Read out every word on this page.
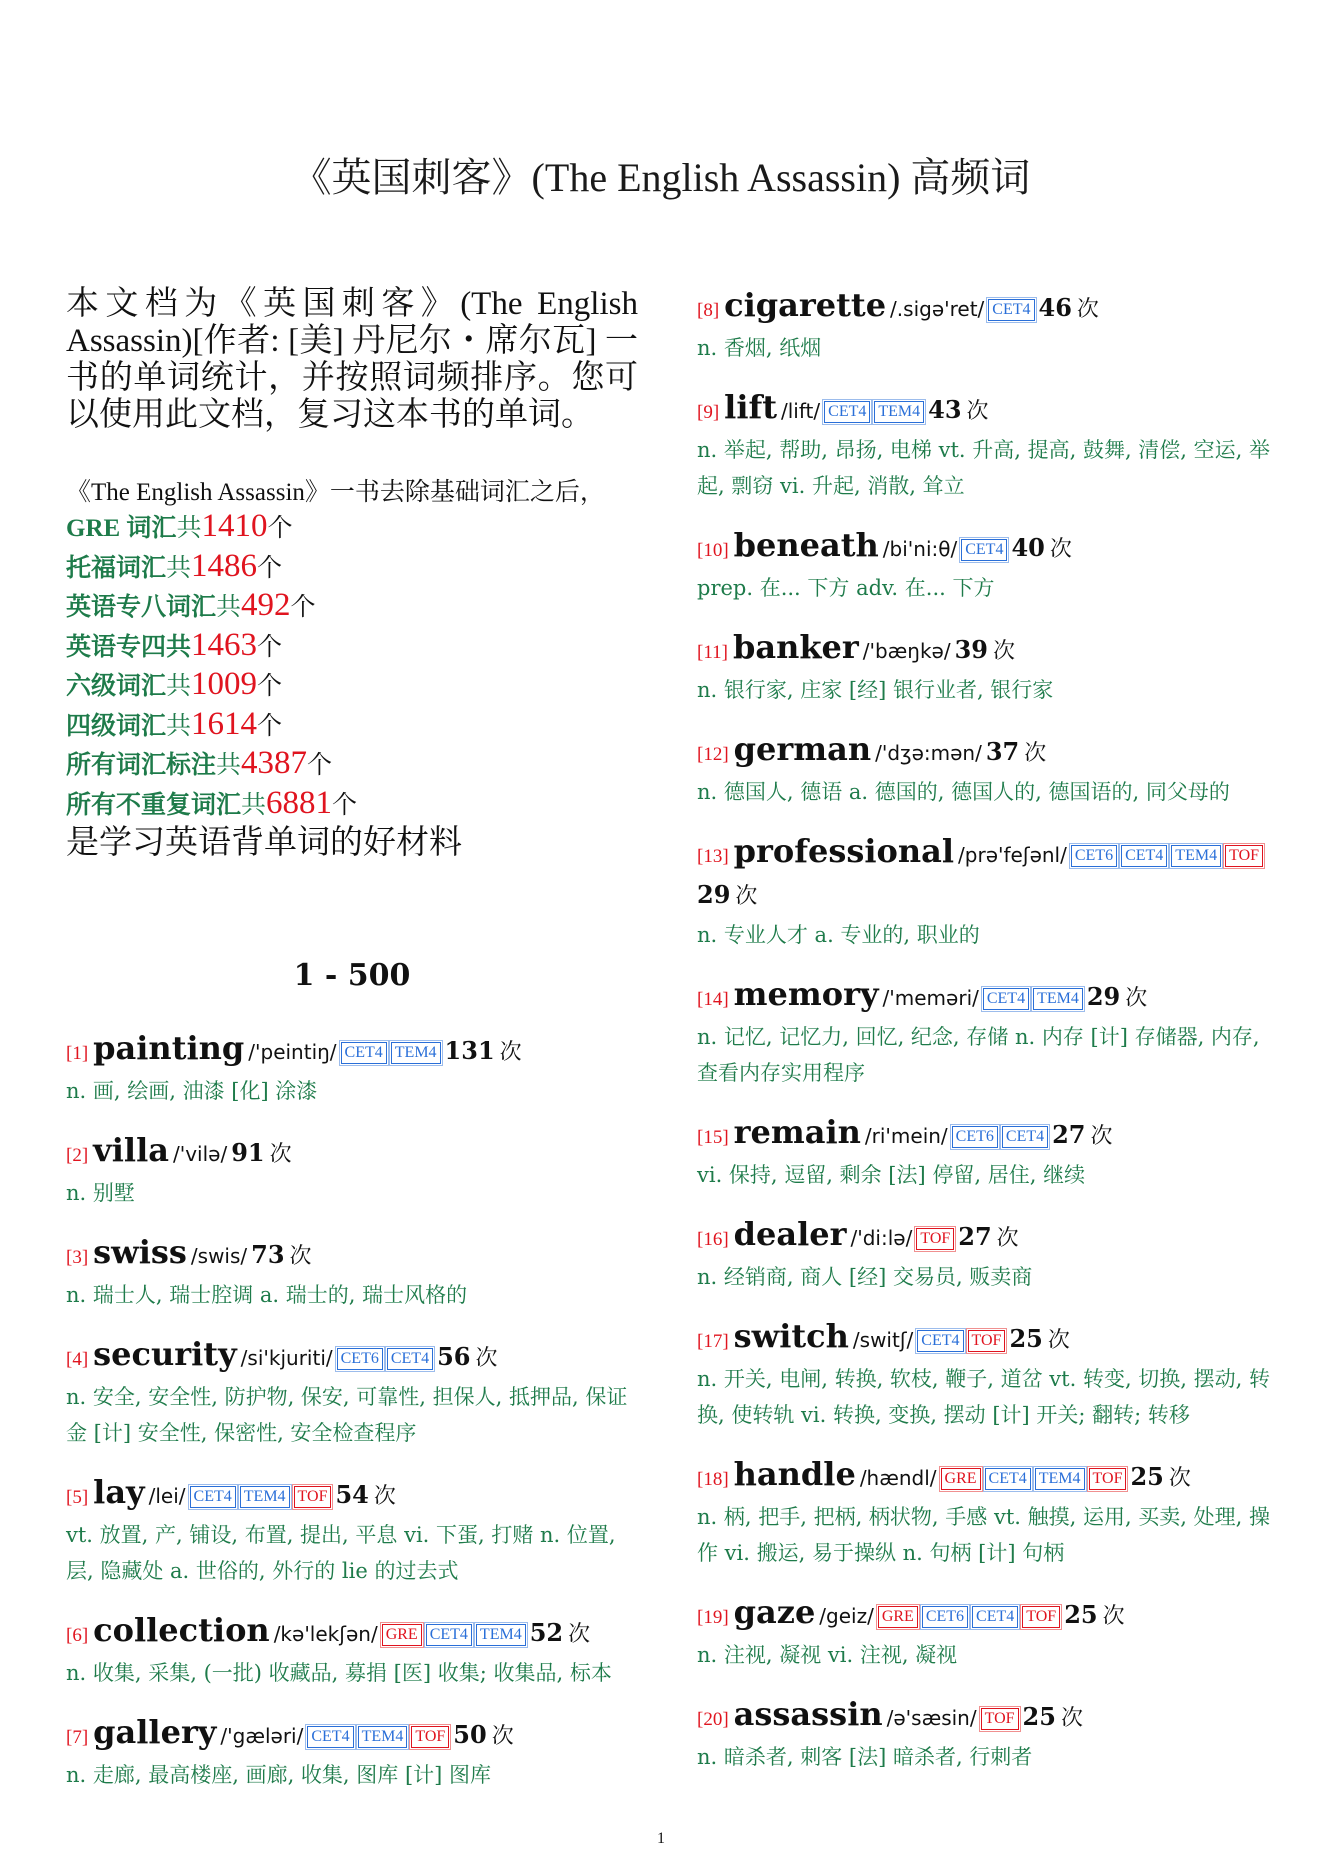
《英国刺客》(The English Assassin) 高频词
本文档为《英国刺客》(The English Assassin)[作者: [美] 丹尼尔・席尔瓦] 一书的单词统计，并按照词频排序。您可以使用此文档，复习这本书的单词。
《The English Assassin》一书去除基础词汇之后，
GRE 词汇共1410个
托福词汇共1486个
英语专八词汇共492个
英语专四共1463个
六级词汇共1009个
四级词汇共1614个
所有词汇标注共4387个
所有不重复词汇共6881个
是学习英语背单词的好材料
1 - 500
[1] painting /'peintiŋ/ CET4 TEM4 131 次
n. 画, 绘画, 油漆 [化] 涂漆
[2] villa /'vilə/ 91 次
n. 别墅
[3] swiss /swis/ 73 次
n. 瑞士人, 瑞士腔调 a. 瑞士的, 瑞士风格的
[4] security /si'kjuriti/ CET6 CET4 56 次
n. 安全, 安全性, 防护物, 保安, 可靠性, 担保人, 抵押品, 保证金 [计] 安全性, 保密性, 安全检查程序
[5] lay /lei/ CET4 TEM4 TOF 54 次
vt. 放置, 产, 铺设, 布置, 提出, 平息 vi. 下蛋, 打赌 n. 位置, 层, 隐藏处 a. 世俗的, 外行的 lie 的过去式
[6] collection /kə'lekʃən/ GRE CET4 TEM4 52 次
n. 收集, 采集, (一批) 收藏品, 募捐 [医] 收集; 收集品, 标本
[7] gallery /'gæləri/ CET4 TEM4 TOF 50 次
n. 走廊, 最高楼座, 画廊, 收集, 图库 [计] 图库
[8] cigarette /.sigə'ret/ CET4 46 次
n. 香烟, 纸烟
[9] lift /lift/ CET4 TEM4 43 次
n. 举起, 帮助, 昂扬, 电梯 vt. 升高, 提高, 鼓舞, 清偿, 空运, 举起, 剽窃 vi. 升起, 消散, 耸立
[10] beneath /bi'ni:θ/ CET4 40 次
prep. 在... 下方 adv. 在... 下方
[11] banker /'bæŋkə/ 39 次
n. 银行家, 庄家 [经] 银行业者, 银行家
[12] german /'dʒə:mən/ 37 次
n. 德国人, 德语 a. 德国的, 德国人的, 德国语的, 同父母的
[13] professional /prə'feʃənl/ CET6 CET4 TEM4 TOF29 次
n. 专业人才 a. 专业的, 职业的
[14] memory /'meməri/ CET4 TEM4 29 次
n. 记忆, 记忆力, 回忆, 纪念, 存储 n. 内存 [计] 存储器, 内存, 查看内存实用程序
[15] remain /ri'mein/ CET6 CET4 27 次
vi. 保持, 逗留, 剩余 [法] 停留, 居住, 继续
[16] dealer /'di:lə/ TOF 27 次
n. 经销商, 商人 [经] 交易员, 贩卖商
[17] switch /switʃ/ CET4 TOF 25 次
n. 开关, 电闸, 转换, 软枝, 鞭子, 道岔 vt. 转变, 切换, 摆动, 转换, 使转轨 vi. 转换, 变换, 摆动 [计] 开关; 翻转; 转移
[18] handle /hændl/ GRE CET4 TEM4 TOF 25 次
n. 柄, 把手, 把柄, 柄状物, 手感 vt. 触摸, 运用, 买卖, 处理, 操作 vi. 搬运, 易于操纵 n. 句柄 [计] 句柄
[19] gaze /geiz/ GRE CET6 CET4 TOF 25 次
n. 注视, 凝视 vi. 注视, 凝视
[20] assassin /ə'sæsin/ TOF 25 次
n. 暗杀者, 刺客 [法] 暗杀者, 行刺者
1
